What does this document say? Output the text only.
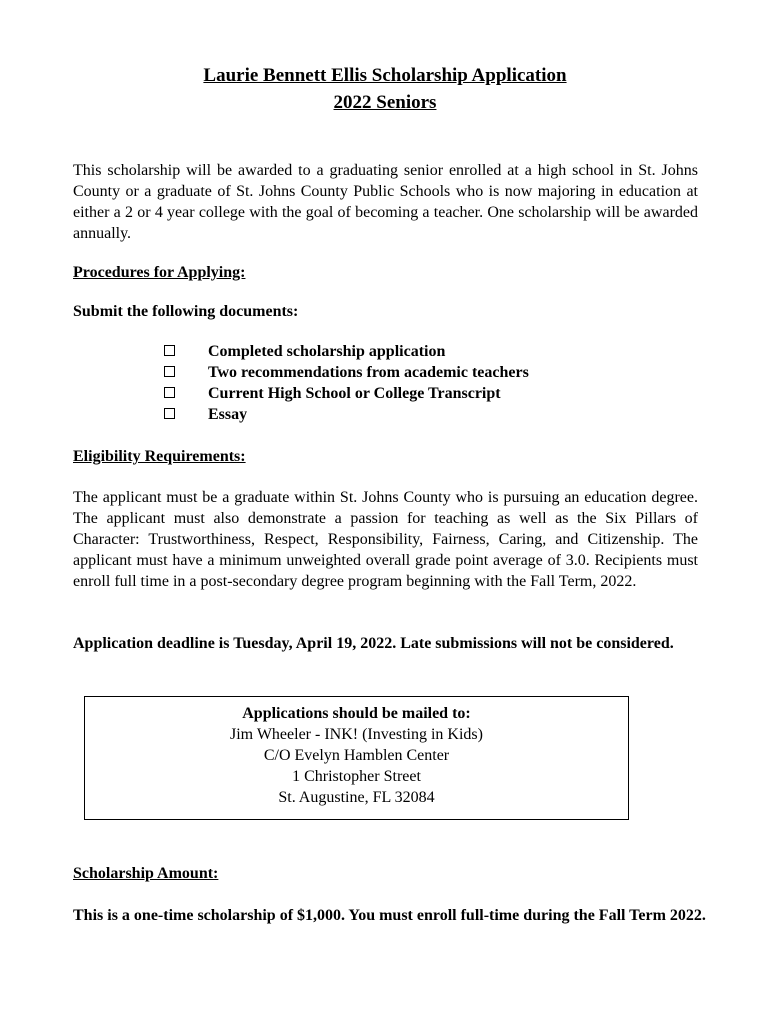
Laurie Bennett Ellis Scholarship Application
2022 Seniors
This scholarship will be awarded to a graduating senior enrolled at a high school in St. Johns County or a graduate of St. Johns County Public Schools who is now majoring in education at either a 2 or 4 year college with the goal of becoming a teacher. One scholarship will be awarded annually.
Procedures for Applying:
Submit the following documents:
Completed scholarship application
Two recommendations from academic teachers
Current High School or College Transcript
Essay
Eligibility Requirements:
The applicant must be a graduate within St. Johns County who is pursuing an education degree. The applicant must also demonstrate a passion for teaching as well as the Six Pillars of Character: Trustworthiness, Respect, Responsibility, Fairness, Caring, and Citizenship. The applicant must have a minimum unweighted overall grade point average of 3.0. Recipients must enroll full time in a post-secondary degree program beginning with the Fall Term, 2022.
Application deadline is Tuesday, April 19, 2022. Late submissions will not be considered.
Applications should be mailed to:
Jim Wheeler - INK! (Investing in Kids)
C/O Evelyn Hamblen Center
1 Christopher Street
St. Augustine, FL 32084
Scholarship Amount:
This is a one-time scholarship of $1,000. You must enroll full-time during the Fall Term 2022.
